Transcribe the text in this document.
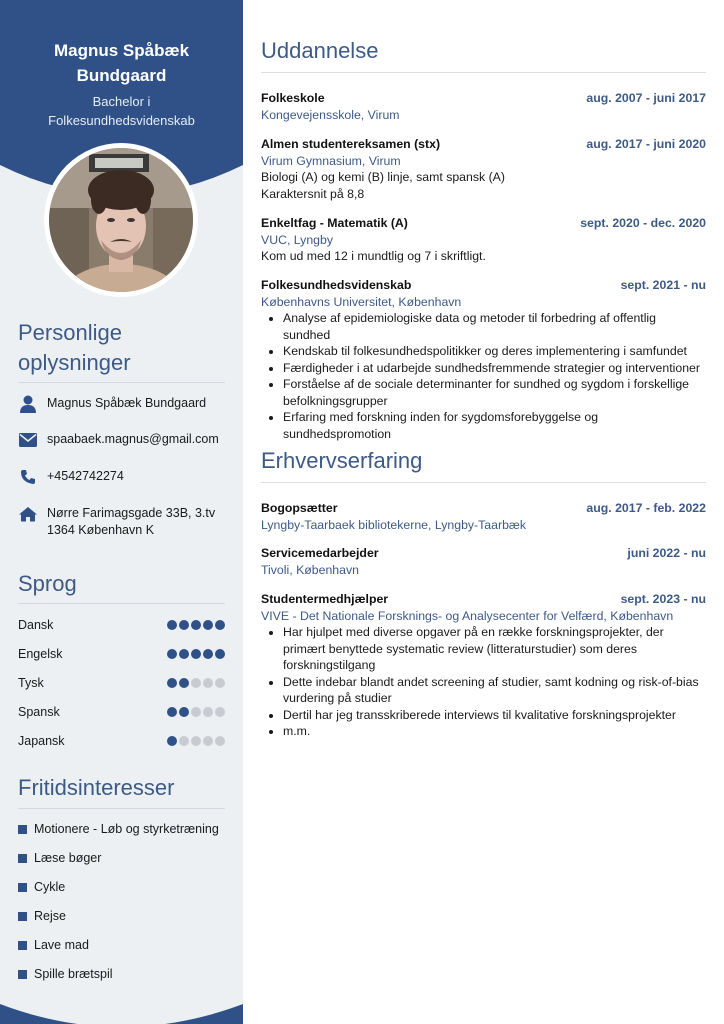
Magnus Spåbæk
Bundgaard
Bachelor i
Folkesundhedsvidenskab
Personlige
oplysninger
Magnus Spåbæk Bundgaard
spaabaek.magnus@gmail.com
+4542742274
Nørre Farimagsgade 33B, 3.tv
1364 København K
Sprog
Dansk
Engelsk
Tysk
Spansk
Japansk
Fritidsinteresser
Motionere - Løb og styrketræning
Læse bøger
Cykle
Rejse
Lave mad
Spille brætspil
Uddannelse
Folkeskole	aug. 2007 - juni 2017
Kongevejensskole, Virum
Almen studentereksamen (stx)	aug. 2017 - juni 2020
Virum Gymnasium, Virum
Biologi (A) og kemi (B) linje, samt spansk (A)
Karaktersnit på 8,8
Enkeltfag - Matematik (A)	sept. 2020 - dec. 2020
VUC, Lyngby
Kom ud med 12 i mundtlig og 7 i skriftligt.
Folkesundhedsvidenskab	sept. 2021 - nu
Københavns Universitet, København
• Analyse af epidemiologiske data og metoder til forbedring af offentlig sundhed
• Kendskab til folkesundhedspolitikker og deres implementering i samfundet
• Færdigheder i at udarbejde sundhedsfremmende strategier og interventioner
• Forståelse af de sociale determinanter for sundhed og sygdom i forskellige befolkningsgrupper
• Erfaring med forskning inden for sygdomsforebyggelse og sundhedspromotion
Erhvervserfaring
Bogopsætter	aug. 2017 - feb. 2022
Lyngby-Taarbaek bibliotekerne, Lyngby-Taarbæk
Servicemedarbejder	juni 2022 - nu
Tivoli, København
Studentermedhjælper	sept. 2023 - nu
VIVE - Det Nationale Forsknings- og Analysecenter for Velfærd, København
• Har hjulpet med diverse opgaver på en række forskningsprojekter, der primært benyttede systematic review (litteraturstudier) som deres forskningstilgang
• Dette indebar blandt andet screening af studier, samt kodning og risk-of-bias vurdering på studier
• Dertil har jeg transskriberede interviews til kvalitative forskningsprojekter
• m.m.
